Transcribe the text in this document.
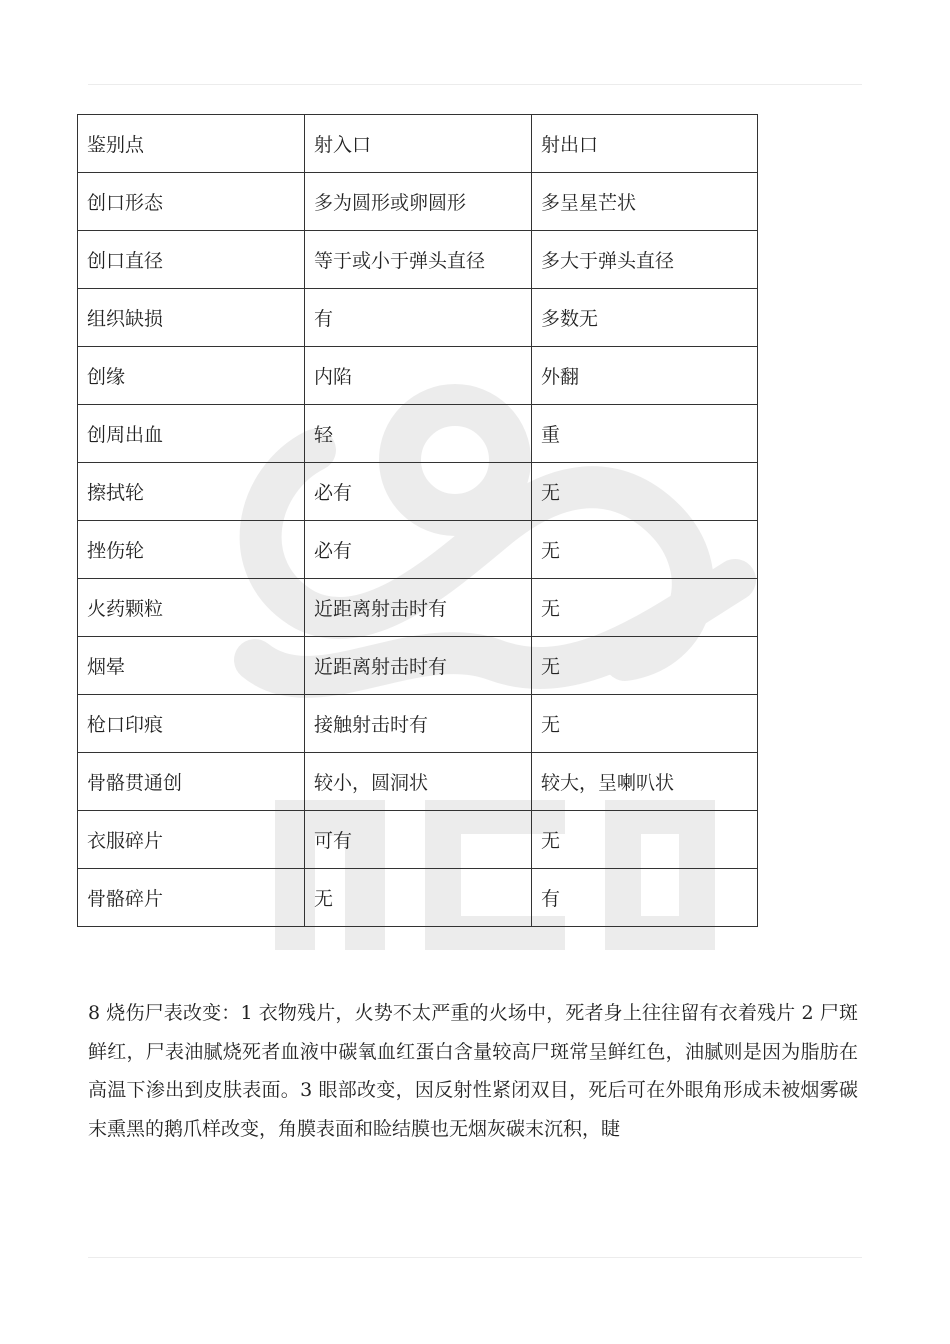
鉴别点	射入口	射出口
创口形态	多为圆形或卵圆形	多呈星芒状
创口直径	等于或小于弹头直径	多大于弹头直径
组织缺损	有	多数无
创缘	内陷	外翻
创周出血	轻	重
擦拭轮	必有	无
挫伤轮	必有	无
火药颗粒	近距离射击时有	无
烟晕	近距离射击时有	无
枪口印痕	接触射击时有	无
骨骼贯通创	较小，圆洞状	较大，呈喇叭状
衣服碎片	可有	无
骨骼碎片	无	有

8 烧伤尸表改变：1 衣物残片，火势不太严重的火场中，死者身上往往留有衣着残片 2 尸斑鲜红，尸表油腻烧死者血液中碳氧血红蛋白含量较高尸斑常呈鲜红色，油腻则是因为脂肪在高温下渗出到皮肤表面。3 眼部改变，因反射性紧闭双目，死后可在外眼角形成未被烟雾碳末熏黑的鹅爪样改变，角膜表面和睑结膜也无烟灰碳末沉积，睫
